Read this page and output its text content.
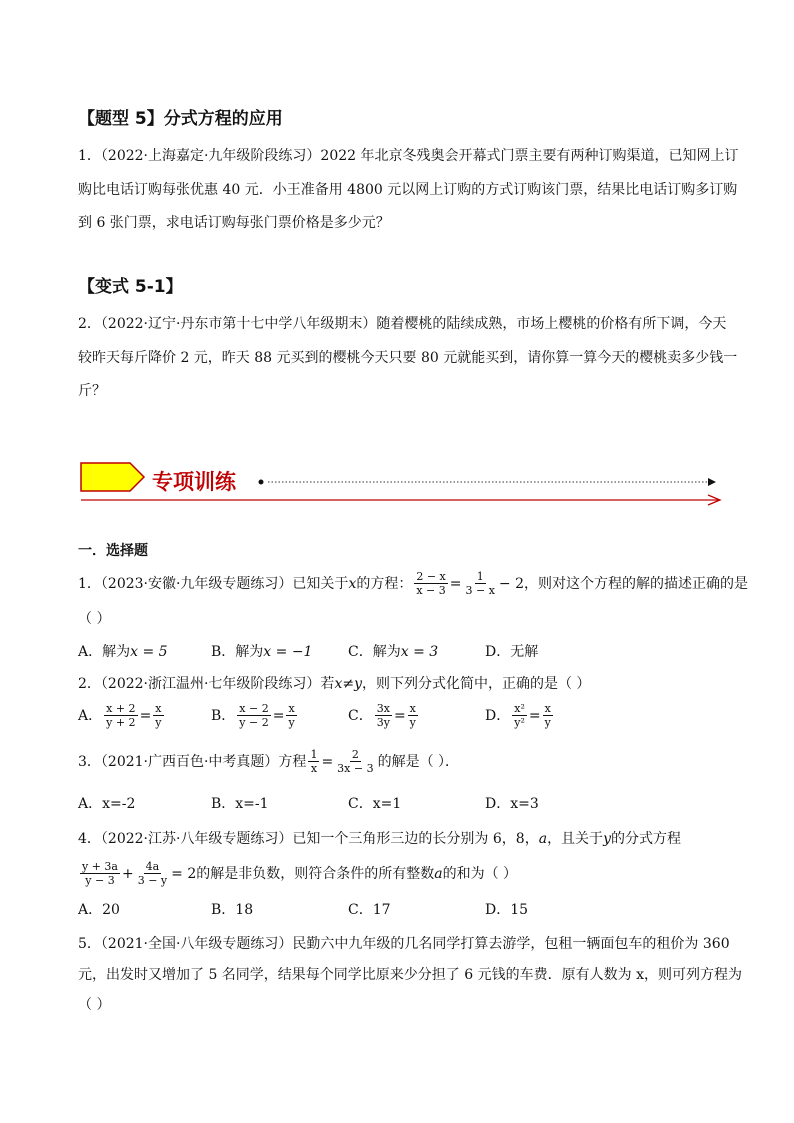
【题型 5】分式方程的应用
1．（2022·上海嘉定·九年级阶段练习）2022 年北京冬残奥会开幕式门票主要有两种订购渠道，已知网上订
购比电话订购每张优惠 40 元．小王准备用 4800 元以网上订购的方式订购该门票，结果比电话订购多订购
到 6 张门票，求电话订购每张门票价格是多少元？
【变式 5-1】
2．（2022·辽宁·丹东市第十七中学八年级期末）随着樱桃的陆续成熟，市场上樱桃的价格有所下调，今天
较昨天每斤降价 2 元，昨天 88 元买到的樱桃今天只要 80 元就能买到，请你算一算今天的樱桃卖多少钱一
斤？
专项训练
一．选择题
1．（2023·安徽·九年级专题练习）已知关于 x 的方程： $\frac{2 - x}{x - 3} = \frac{1}{3 - x} - 2$ ，则对这个方程的解的描述正确的是
（ ）
A．解为x = 5	B．解为x = −1	C．解为x = 3	D．无解
2．（2022·浙江温州·七年级阶段练习）若 x≠y ，则下列分式化简中，正确的是（ ）
A． $\frac{x + 2}{y + 2} = \frac{x}{y}$	B． $\frac{x - 2}{y - 2} = \frac{x}{y}$	C． $\frac{3x}{3y} = \frac{x}{y}$	D． $\frac{\text{x²}}{\text{y²}} = \frac{x}{y}$
3．（2021·广西百色·中考真题）方程 $\frac{1}{x} = \frac{2}{3x - 3}$ 的解是（ ）．
A．x=-2	B．x=-1	C．x=1	D．x=3
4．（2022·江苏·八年级专题练习）已知一个三角形三边的长分别为 6，8， a ，且关于 y 的分式方程
$\frac{y + 3a}{y - 3} + \frac{4a}{3 - y} = 2$ 的解是非负数，则符合条件的所有整数 a 的和为（ ）
A．20	B．18	C．17	D．15
5．（2021·全国·八年级专题练习）民勤六中九年级的几名同学打算去游学，包租一辆面包车的租价为 360
元，出发时又增加了 5 名同学，结果每个同学比原来少分担了 6 元钱的车费．原有人数为 x，则可列方程为
（ ）
